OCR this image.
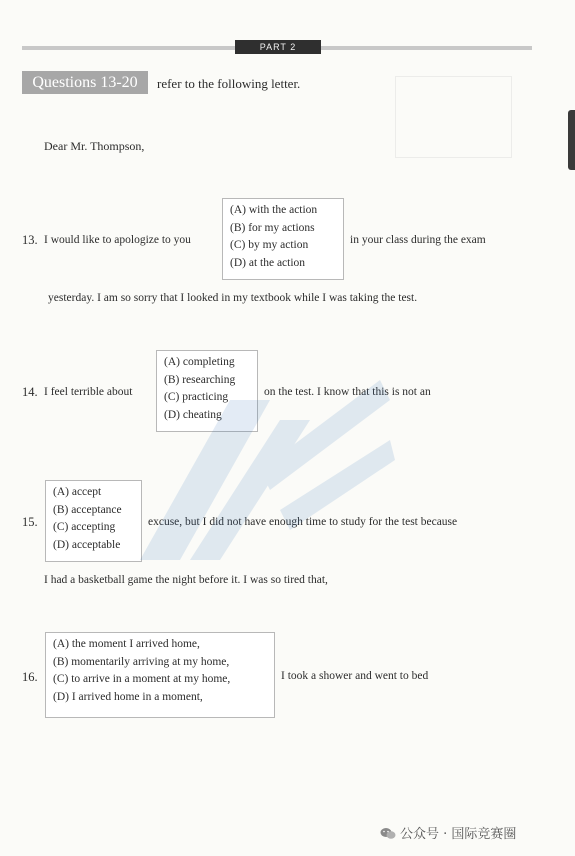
PART 2
Questions 13-20	refer to the following letter.
Dear Mr. Thompson,
13. I would like to apologize to you
(A) with the action
(B) for my actions
(C) by my action
(D) at the action
in your class during the exam
yesterday. I am so sorry that I looked in my textbook while I was taking the test.
14. I feel terrible about
(A) completing
(B) researching
(C) practicing
(D) cheating
on the test. I know that this is not an
15.
(A) accept
(B) acceptance
(C) accepting
(D) acceptable
excuse, but I did not have enough time to study for the test because
I had a basketball game the night before it. I was so tired that,
16.
(A) the moment I arrived home,
(B) momentarily arriving at my home,
(C) to arrive in a moment at my home,
(D) I arrived home in a moment,
I took a shower and went to bed
公众号 · 国际竞赛圈
